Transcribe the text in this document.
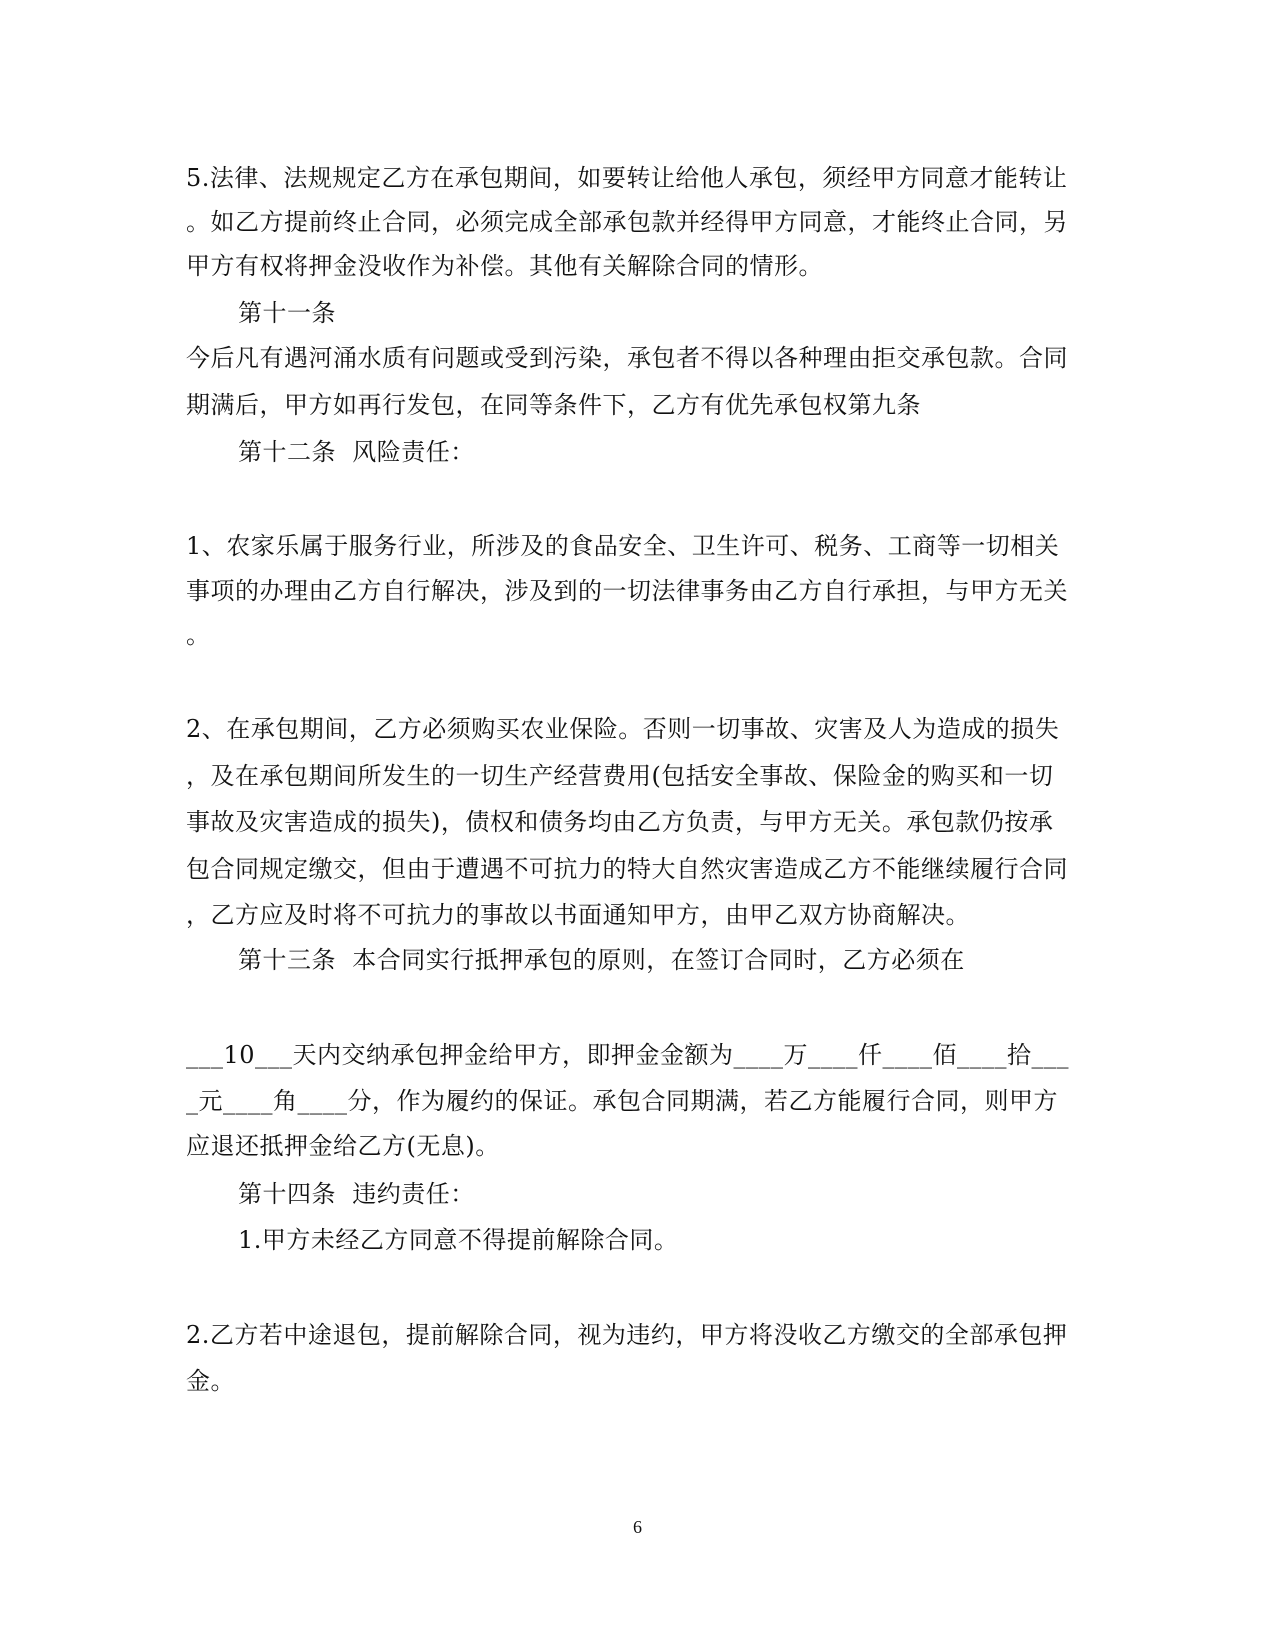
5.法律、法规规定乙方在承包期间，如要转让给他人承包，须经甲方同意才能转让
。如乙方提前终止合同，必须完成全部承包款并经得甲方同意，才能终止合同，另
甲方有权将押金没收作为补偿。其他有关解除合同的情形。
第十一条
今后凡有遇河涌水质有问题或受到污染，承包者不得以各种理由拒交承包款。合同
期满后，甲方如再行发包，在同等条件下，乙方有优先承包权第九条
第十二条  风险责任：
1、农家乐属于服务行业，所涉及的食品安全、卫生许可、税务、工商等一切相关
事项的办理由乙方自行解决，涉及到的一切法律事务由乙方自行承担，与甲方无关
。
2、在承包期间，乙方必须购买农业保险。否则一切事故、灾害及人为造成的损失
，及在承包期间所发生的一切生产经营费用(包括安全事故、保险金的购买和一切
事故及灾害造成的损失)，债权和债务均由乙方负责，与甲方无关。承包款仍按承
包合同规定缴交，但由于遭遇不可抗力的特大自然灾害造成乙方不能继续履行合同
，乙方应及时将不可抗力的事故以书面通知甲方，由甲乙双方协商解决。
第十三条  本合同实行抵押承包的原则，在签订合同时，乙方必须在
___10___天内交纳承包押金给甲方，即押金金额为____万____仟____佰____拾___
_元____角____分，作为履约的保证。承包合同期满，若乙方能履行合同，则甲方
应退还抵押金给乙方(无息)。
第十四条  违约责任：
1.甲方未经乙方同意不得提前解除合同。
2.乙方若中途退包，提前解除合同，视为违约，甲方将没收乙方缴交的全部承包押
金。
6
